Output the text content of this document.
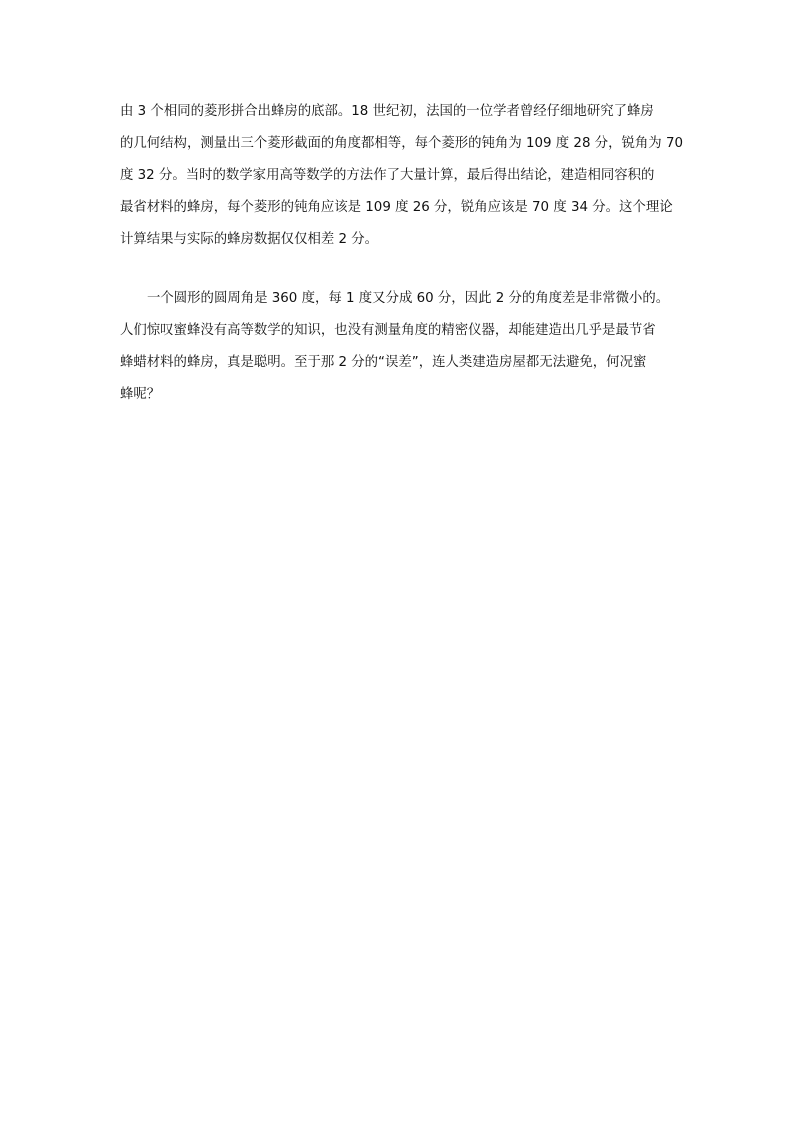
由 3 个相同的菱形拼合出蜂房的底部。18 世纪初，法国的一位学者曾经仔细地研究了蜂房
的几何结构，测量出三个菱形截面的角度都相等，每个菱形的钝角为 109 度 28 分，锐角为 70
度 32 分。当时的数学家用高等数学的方法作了大量计算，最后得出结论，建造相同容积的
最省材料的蜂房，每个菱形的钝角应该是 109 度 26 分，锐角应该是 70 度 34 分。这个理论
计算结果与实际的蜂房数据仅仅相差 2 分。

一个圆形的圆周角是 360 度，每 1 度又分成 60 分，因此 2 分的角度差是非常微小的。
人们惊叹蜜蜂没有高等数学的知识，也没有测量角度的精密仪器，却能建造出几乎是最节省
蜂蜡材料的蜂房，真是聪明。至于那 2 分的“误差”，连人类建造房屋都无法避免，何况蜜
蜂呢？
